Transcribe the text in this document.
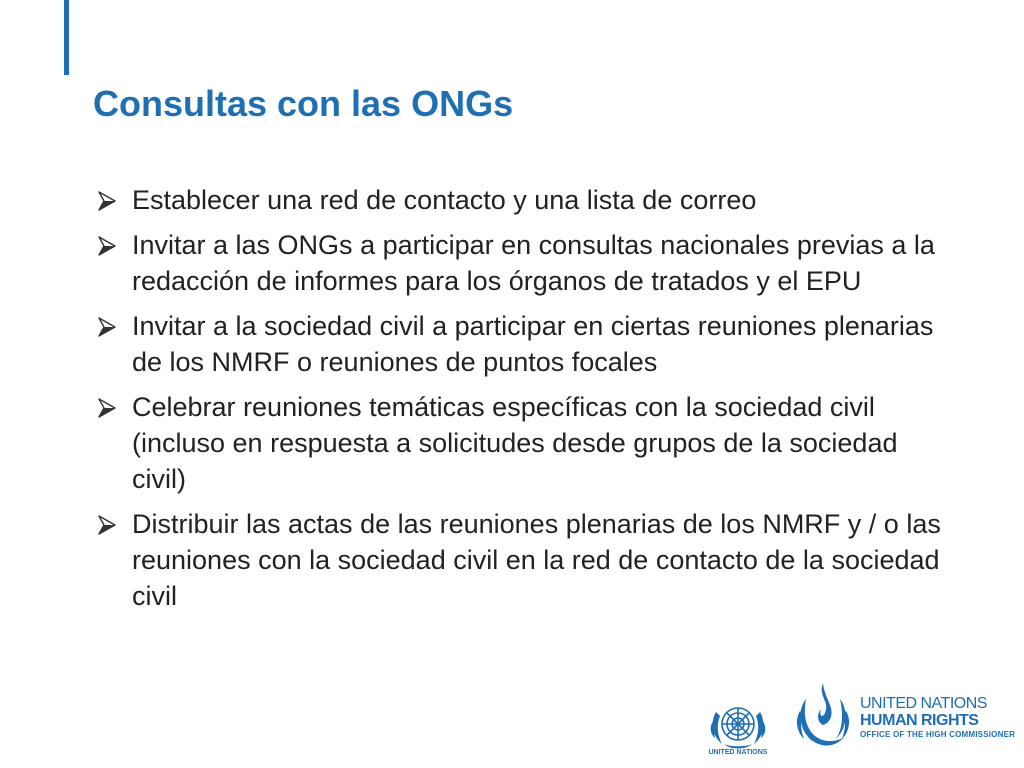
Consultas con las ONGs
Establecer una red de contacto y una lista de correo
Invitar a las ONGs a participar en consultas nacionales previas a la redacción de informes para los órganos de tratados y el EPU
Invitar a la sociedad civil a participar en ciertas reuniones plenarias de los NMRF o reuniones de puntos focales
Celebrar reuniones temáticas específicas con la sociedad civil (incluso en respuesta a solicitudes desde grupos de la sociedad civil)
Distribuir las actas de las reuniones plenarias de los NMRF y / o las reuniones con la sociedad civil en la red de contacto de la sociedad civil
UNITED NATIONS
UNITED NATIONS
HUMAN RIGHTS
OFFICE OF THE HIGH COMMISSIONER
